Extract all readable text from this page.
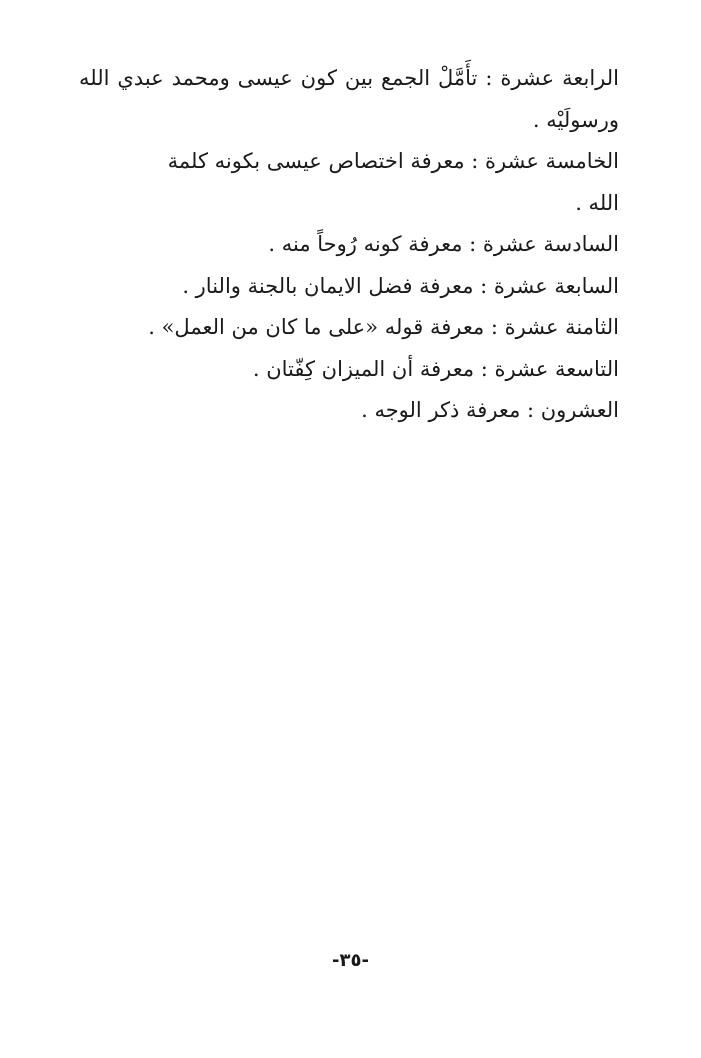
الرابعة عشرة : تأَمَّلْ الجمع بين كون عيسى ومحمد عبدي الله ورسولَيْه .

الخامسة عشرة : معرفة اختصاص عيسى بكونه كلمة الله .

السادسة عشرة : معرفة كونه رُوحاً منه .

السابعة عشرة : معرفة فضل الايمان بالجنة والنار .

الثامنة عشرة : معرفة قوله «على ما كان من العمل» .

التاسعة عشرة : معرفة أن الميزان كِفّتان .

العشرون : معرفة ذكر الوجه .

-٣٥-
